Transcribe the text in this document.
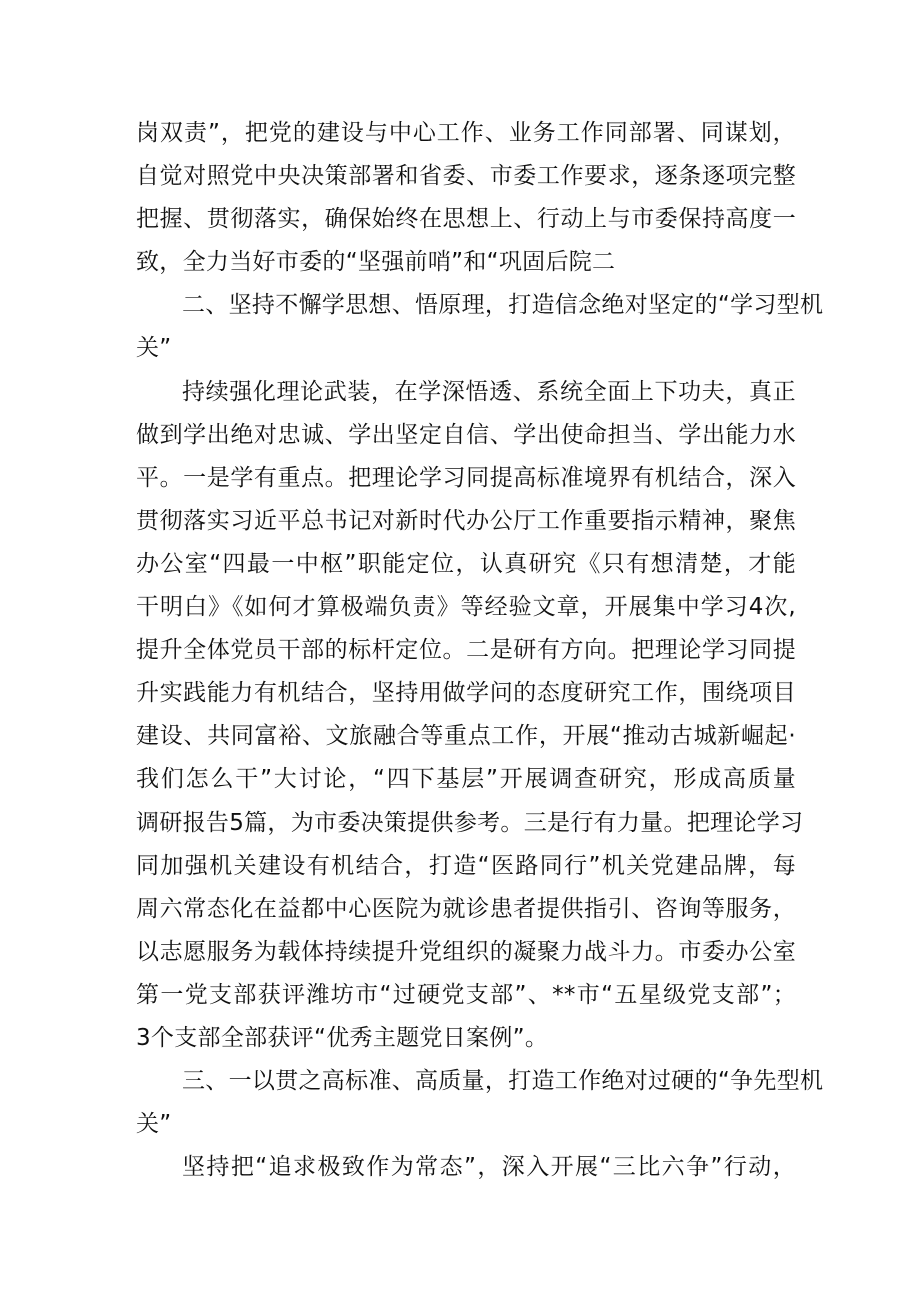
岗双责”，把党的建设与中心工作、业务工作同部署、同谋划，
自觉对照党中央决策部署和省委、市委工作要求，逐条逐项完整
把握、贯彻落实，确保始终在思想上、行动上与市委保持高度一
致，全力当好市委的“坚强前哨”和“巩固后院二
二、坚持不懈学思想、悟原理，打造信念绝对坚定的“学习型机
关”
持续强化理论武装，在学深悟透、系统全面上下功夫，真正
做到学出绝对忠诚、学出坚定自信、学出使命担当、学出能力水
平。一是学有重点。把理论学习同提高标准境界有机结合，深入
贯彻落实习近平总书记对新时代办公厅工作重要指示精神，聚焦
办公室“四最一中枢”职能定位，认真研究《只有想清楚，才能
干明白》《如何才算极端负责》等经验文章，开展集中学习4次,
提升全体党员干部的标杆定位。二是研有方向。把理论学习同提
升实践能力有机结合，坚持用做学问的态度研究工作，围绕项目
建设、共同富裕、文旅融合等重点工作，开展“推动古城新崛起·
我们怎么干”大讨论，“四下基层”开展调查研究，形成高质量
调研报告5篇，为市委决策提供参考。三是行有力量。把理论学习
同加强机关建设有机结合，打造“医路同行”机关党建品牌，每
周六常态化在益都中心医院为就诊患者提供指引、咨询等服务，
以志愿服务为载体持续提升党组织的凝聚力战斗力。市委办公室
第一党支部获评潍坊市“过硬党支部”、**市“五星级党支部”；
3个支部全部获评“优秀主题党日案例”。
三、一以贯之高标准、高质量，打造工作绝对过硬的“争先型机
关”
坚持把“追求极致作为常态”，深入开展“三比六争”行动，
